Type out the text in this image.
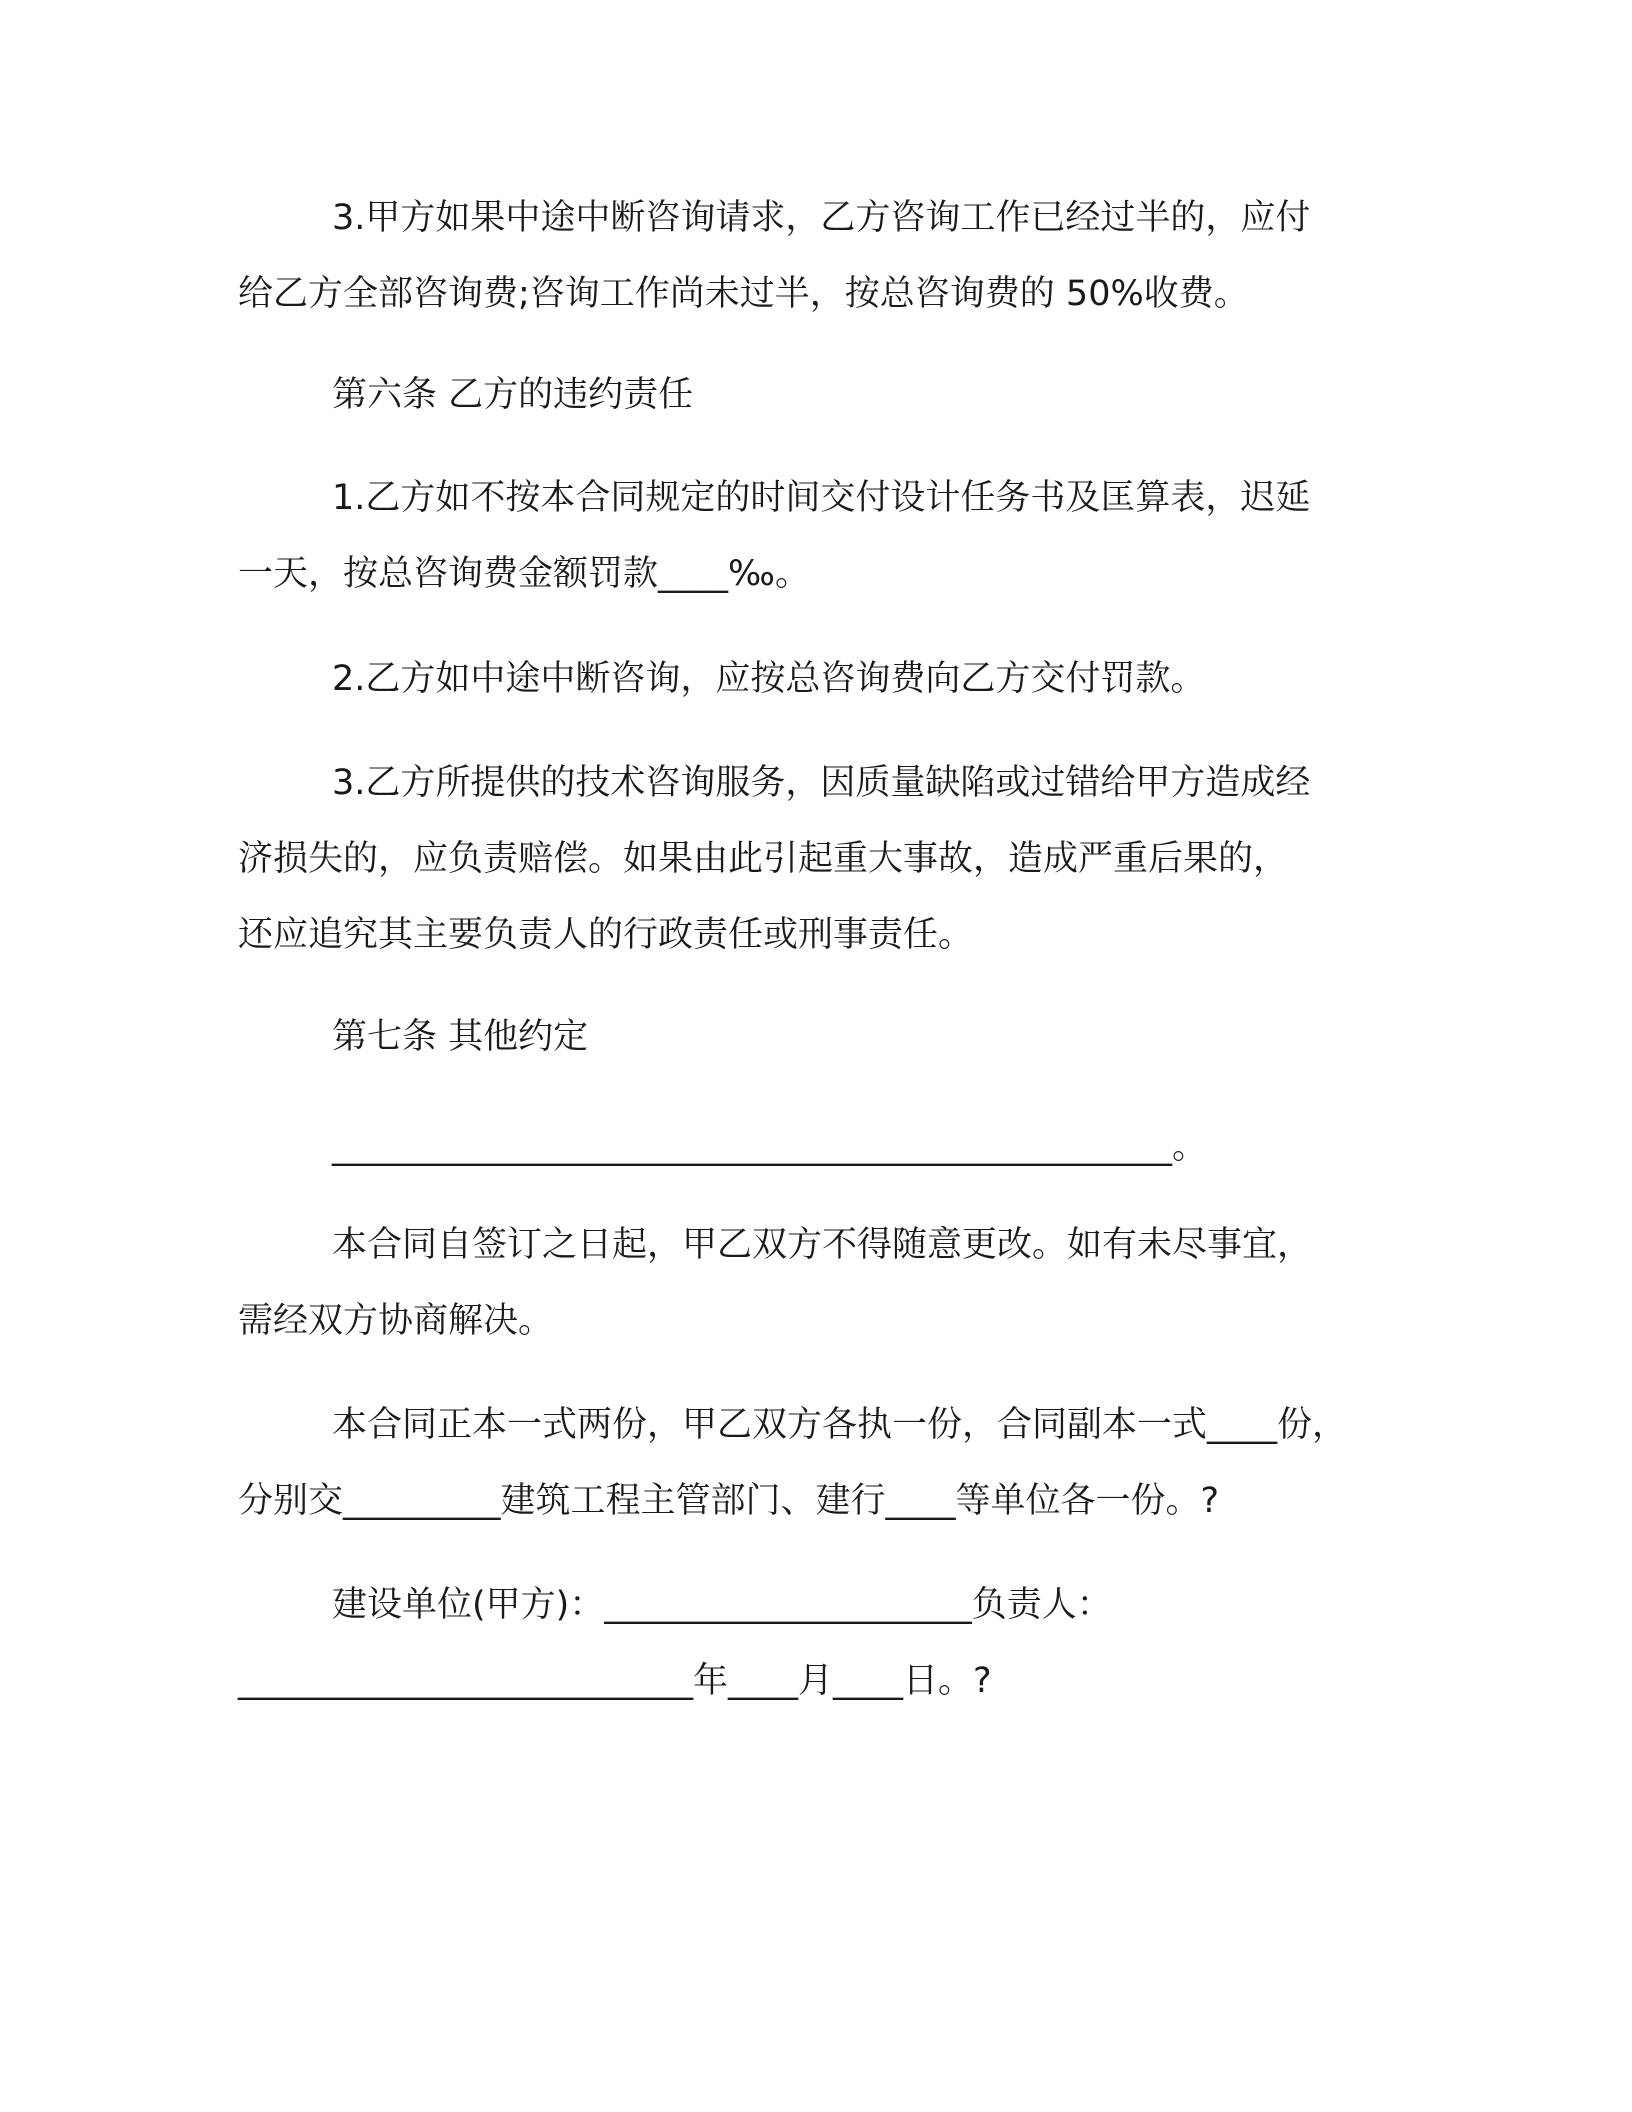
3.甲方如果中途中断咨询请求，乙方咨询工作已经过半的，应付
给乙方全部咨询费;咨询工作尚未过半，按总咨询费的 50%收费。
第六条 乙方的违约责任
1.乙方如不按本合同规定的时间交付设计任务书及匡算表，迟延
一天，按总咨询费金额罚款____‰。
2.乙方如中途中断咨询，应按总咨询费向乙方交付罚款。
3.乙方所提供的技术咨询服务，因质量缺陷或过错给甲方造成经
济损失的，应负责赔偿。如果由此引起重大事故，造成严重后果的，
还应追究其主要负责人的行政责任或刑事责任。
第七条 其他约定
________________________________________________。
本合同自签订之日起，甲乙双方不得随意更改。如有未尽事宜，
需经双方协商解决。
本合同正本一式两份，甲乙双方各执一份，合同副本一式____份，
分别交_________建筑工程主管部门、建行____等单位各一份。?
建设单位(甲方)：_____________________负责人：
__________________________年____月____日。?
